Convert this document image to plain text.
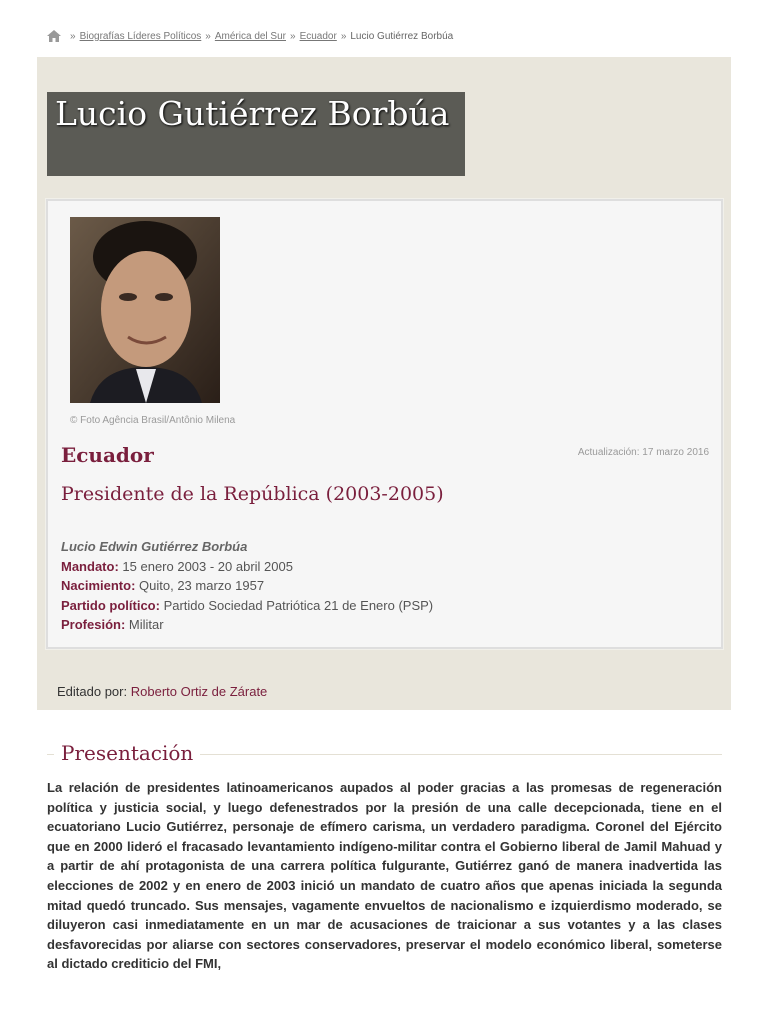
» Biografías Líderes Políticos » América del Sur » Ecuador » Lucio Gutiérrez Borbúa
Lucio Gutiérrez Borbúa
© Foto Agência Brasil/Antônio Milena
Actualización: 17 marzo 2016
Ecuador
Presidente de la República (2003-2005)
Lucio Edwin Gutiérrez Borbúa
Mandato: 15 enero 2003 - 20 abril 2005
Nacimiento: Quito, 23 marzo 1957
Partido político: Partido Sociedad Patriótica 21 de Enero (PSP)
Profesión: Militar
Editado por: Roberto Ortiz de Zárate
Presentación

La relación de presidentes latinoamericanos aupados al poder gracias a las promesas de regeneración política y justicia social, y luego defenestrados por la presión de una calle decepcionada, tiene en el ecuatoriano Lucio Gutiérrez, personaje de efímero carisma, un verdadero paradigma. Coronel del Ejército que en 2000 lideró el fracasado levantamiento indígeno-militar contra el Gobierno liberal de Jamil Mahuad y a partir de ahí protagonista de una carrera política fulgurante, Gutiérrez ganó de manera inadvertida las elecciones de 2002 y en enero de 2003 inició un mandato de cuatro años que apenas iniciada la segunda mitad quedó truncado. Sus mensajes, vagamente envueltos de nacionalismo e izquierdismo moderado, se diluyeron casi inmediatamente en un mar de acusaciones de traicionar a sus votantes y a las clases desfavorecidas por aliarse con sectores conservadores, preservar el modelo económico liberal, someterse al dictado crediticio del FMI,
